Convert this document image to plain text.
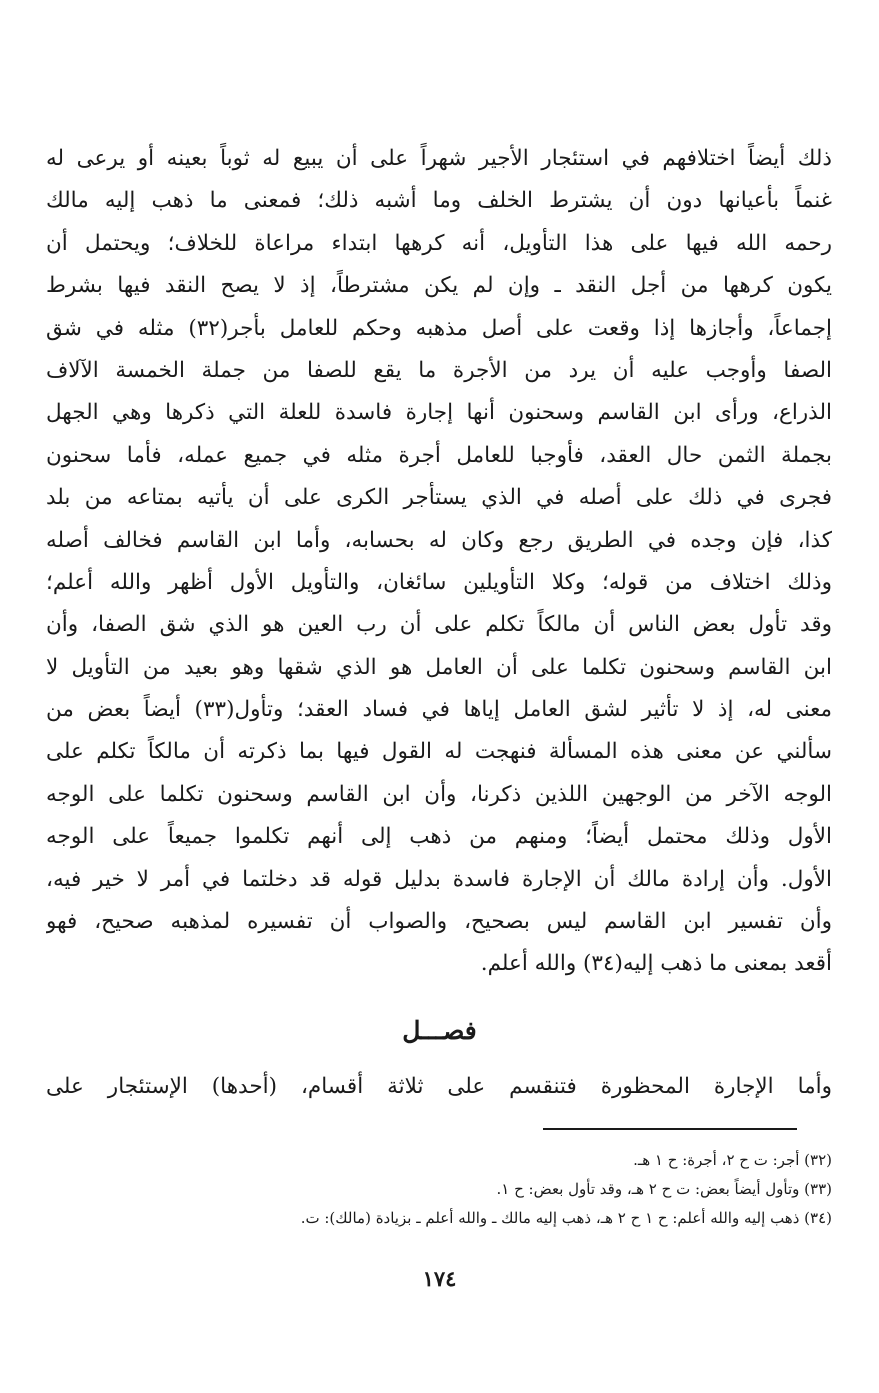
ذلك أيضاً اختلافهم في استئجار الأجير شهراً على أن يبيع له ثوباً بعينه أو يرعى له
غنماً بأعيانها دون أن يشترط الخلف وما أشبه ذلك؛ فمعنى ما ذهب إليه مالك
رحمه الله فيها على هذا التأويل، أنه كرهها ابتداء مراعاة للخلاف؛ ويحتمل أن
يكون كرهها من أجل النقد ـ وإن لم يكن مشترطاً، إذ لا يصح النقد فيها بشرط
إجماعاً، وأجازها إذا وقعت على أصل مذهبه وحكم للعامل بأجر(٣٢) مثله في شق
الصفا وأوجب عليه أن يرد من الأجرة ما يقع للصفا من جملة الخمسة الآلاف
الذراع، ورأى ابن القاسم وسحنون أنها إجارة فاسدة للعلة التي ذكرها وهي الجهل
بجملة الثمن حال العقد، فأوجبا للعامل أجرة مثله في جميع عمله، فأما سحنون
فجرى في ذلك على أصله في الذي يستأجر الكرى على أن يأتيه بمتاعه من بلد
كذا، فإن وجده في الطريق رجع وكان له بحسابه، وأما ابن القاسم فخالف أصله
وذلك اختلاف من قوله؛ وكلا التأويلين سائغان، والتأويل الأول أظهر والله أعلم؛
وقد تأول بعض الناس أن مالكاً تكلم على أن رب العين هو الذي شق الصفا، وأن
ابن القاسم وسحنون تكلما على أن العامل هو الذي شقها وهو بعيد من التأويل لا
معنى له، إذ لا تأثير لشق العامل إياها في فساد العقد؛ وتأول(٣٣) أيضاً بعض من
سألني عن معنى هذه المسألة فنهجت له القول فيها بما ذكرته أن مالكاً تكلم على
الوجه الآخر من الوجهين اللذين ذكرنا، وأن ابن القاسم وسحنون تكلما على الوجه
الأول وذلك محتمل أيضاً؛ ومنهم من ذهب إلى أنهم تكلموا جميعاً على الوجه
الأول. وأن إرادة مالك أن الإجارة فاسدة بدليل قوله قد دخلتما في أمر لا خير فيه،
وأن تفسير ابن القاسم ليس بصحيح، والصواب أن تفسيره لمذهبه صحيح، فهو
أقعد بمعنى ما ذهب إليه(٣٤) والله أعلم.
فصـــل
وأما الإجارة المحظورة فتنقسم على ثلاثة أقسام، (أحدها) الإستئجار على
(٣٢) أجر: ت ح ٢، أجرة: ح ١ هـ.
(٣٣) وتأول أيضاً بعض: ت ح ٢ هـ، وقد تأول بعض: ح ١.
(٣٤) ذهب إليه والله أعلم: ح ١ ح ٢ هـ، ذهب إليه مالك ـ والله أعلم ـ بزيادة (مالك): ت.
١٧٤
